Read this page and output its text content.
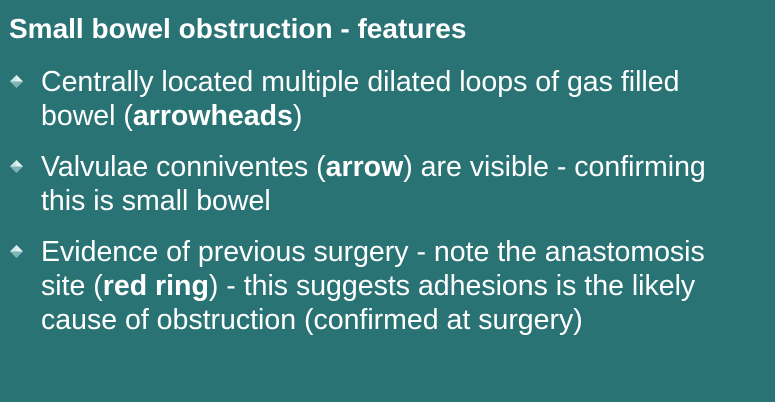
Small bowel obstruction - features
Centrally located multiple dilated loops of gas filled bowel (arrowheads)
Valvulae conniventes (arrow) are visible - confirming this is small bowel
Evidence of previous surgery - note the anastomosis site (red ring) - this suggests adhesions is the likely cause of obstruction (confirmed at surgery)
